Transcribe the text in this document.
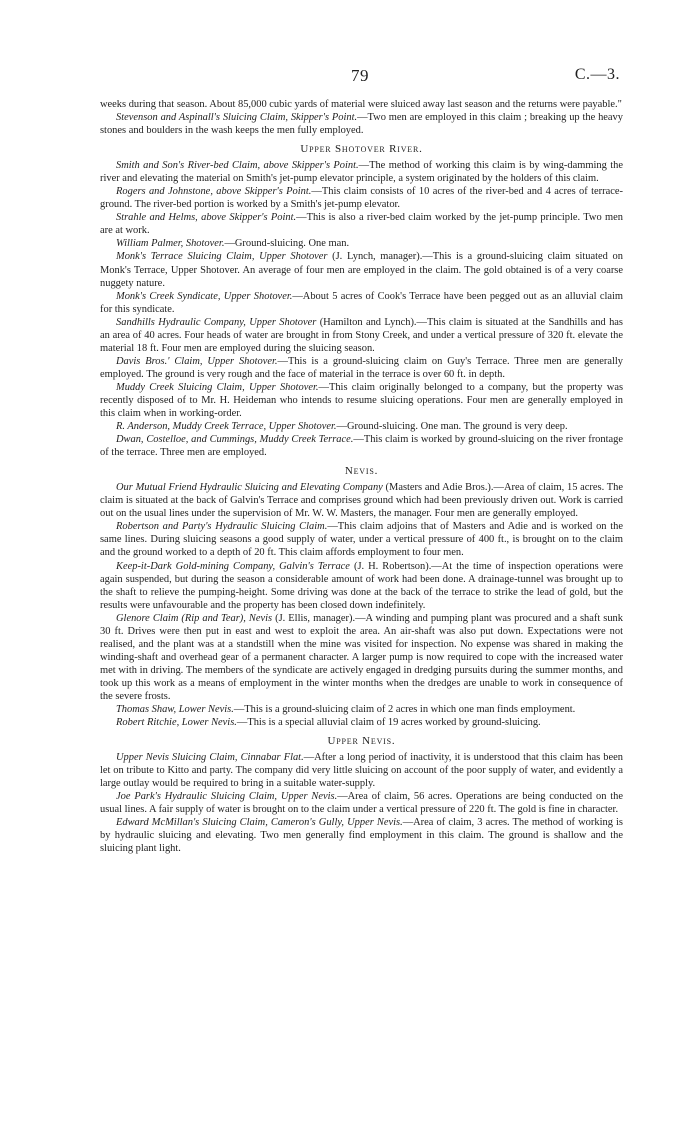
79	C.—3.

weeks during that season. About 85,000 cubic yards of material were sluiced away last season and the returns were payable."

Stevenson and Aspinall's Sluicing Claim, Skipper's Point.—Two men are employed in this claim ; breaking up the heavy stones and boulders in the wash keeps the men fully employed.

Upper Shotover River.

Smith and Son's River-bed Claim, above Skipper's Point.—The method of working this claim is by wing-damming the river and elevating the material on Smith's jet-pump elevator principle, a system originated by the holders of this claim.

Rogers and Johnstone, above Skipper's Point.—This claim consists of 10 acres of the river-bed and 4 acres of terrace-ground. The river-bed portion is worked by a Smith's jet-pump elevator.

Strahle and Helms, above Skipper's Point.—This is also a river-bed claim worked by the jet-pump principle. Two men are at work.

William Palmer, Shotover.—Ground-sluicing. One man.

Monk's Terrace Sluicing Claim, Upper Shotover (J. Lynch, manager).—This is a ground-sluicing claim situated on Monk's Terrace, Upper Shotover. An average of four men are employed in the claim. The gold obtained is of a very coarse nuggety nature.

Monk's Creek Syndicate, Upper Shotover.—About 5 acres of Cook's Terrace have been pegged out as an alluvial claim for this syndicate.

Sandhills Hydraulic Company, Upper Shotover (Hamilton and Lynch).—This claim is situated at the Sandhills and has an area of 40 acres. Four heads of water are brought in from Stony Creek, and under a vertical pressure of 320 ft. elevate the material 18 ft. Four men are employed during the sluicing season.

Davis Bros.' Claim, Upper Shotover.—This is a ground-sluicing claim on Guy's Terrace. Three men are generally employed. The ground is very rough and the face of material in the terrace is over 60 ft. in depth.

Muddy Creek Sluicing Claim, Upper Shotover.—This claim originally belonged to a company, but the property was recently disposed of to Mr. H. Heideman who intends to resume sluicing operations. Four men are generally employed in this claim when in working-order.

R. Anderson, Muddy Creek Terrace, Upper Shotover.—Ground-sluicing. One man. The ground is very deep.

Dwan, Costelloe, and Cummings, Muddy Creek Terrace.—This claim is worked by ground-sluicing on the river frontage of the terrace. Three men are employed.

Nevis.

Our Mutual Friend Hydraulic Sluicing and Elevating Company (Masters and Adie Bros.).—Area of claim, 15 acres. The claim is situated at the back of Galvin's Terrace and comprises ground which had been previously driven out. Work is carried out on the usual lines under the supervision of Mr. W. W. Masters, the manager. Four men are generally employed.

Robertson and Party's Hydraulic Sluicing Claim.—This claim adjoins that of Masters and Adie and is worked on the same lines. During sluicing seasons a good supply of water, under a vertical pressure of 400 ft., is brought on to the claim and the ground worked to a depth of 20 ft. This claim affords employment to four men.

Keep-it-Dark Gold-mining Company, Galvin's Terrace (J. H. Robertson).—At the time of inspection operations were again suspended, but during the season a considerable amount of work had been done. A drainage-tunnel was brought up to the shaft to relieve the pumping-height. Some driving was done at the back of the terrace to strike the lead of gold, but the results were unfavourable and the property has been closed down indefinitely.

Glenore Claim (Rip and Tear), Nevis (J. Ellis, manager).—A winding and pumping plant was procured and a shaft sunk 30 ft. Drives were then put in east and west to exploit the area. An air-shaft was also put down. Expectations were not realised, and the plant was at a standstill when the mine was visited for inspection. No expense was shared in making the winding-shaft and overhead gear of a permanent character. A larger pump is now required to cope with the increased water met with in driving. The members of the syndicate are actively engaged in dredging pursuits during the summer months, and took up this work as a means of employment in the winter months when the dredges are unable to work in consequence of the severe frosts.

Thomas Shaw, Lower Nevis.—This is a ground-sluicing claim of 2 acres in which one man finds employment.

Robert Ritchie, Lower Nevis.—This is a special alluvial claim of 19 acres worked by ground-sluicing.

Upper Nevis.

Upper Nevis Sluicing Claim, Cinnabar Flat.—After a long period of inactivity, it is understood that this claim has been let on tribute to Kitto and party. The company did very little sluicing on account of the poor supply of water, and evidently a large outlay would be required to bring in a suitable water-supply.

Joe Park's Hydraulic Sluicing Claim, Upper Nevis.—Area of claim, 56 acres. Operations are being conducted on the usual lines. A fair supply of water is brought on to the claim under a vertical pressure of 220 ft. The gold is fine in character.

Edward McMillan's Sluicing Claim, Cameron's Gully, Upper Nevis.—Area of claim, 3 acres. The method of working is by hydraulic sluicing and elevating. Two men generally find employment in this claim. The ground is shallow and the sluicing plant light.
